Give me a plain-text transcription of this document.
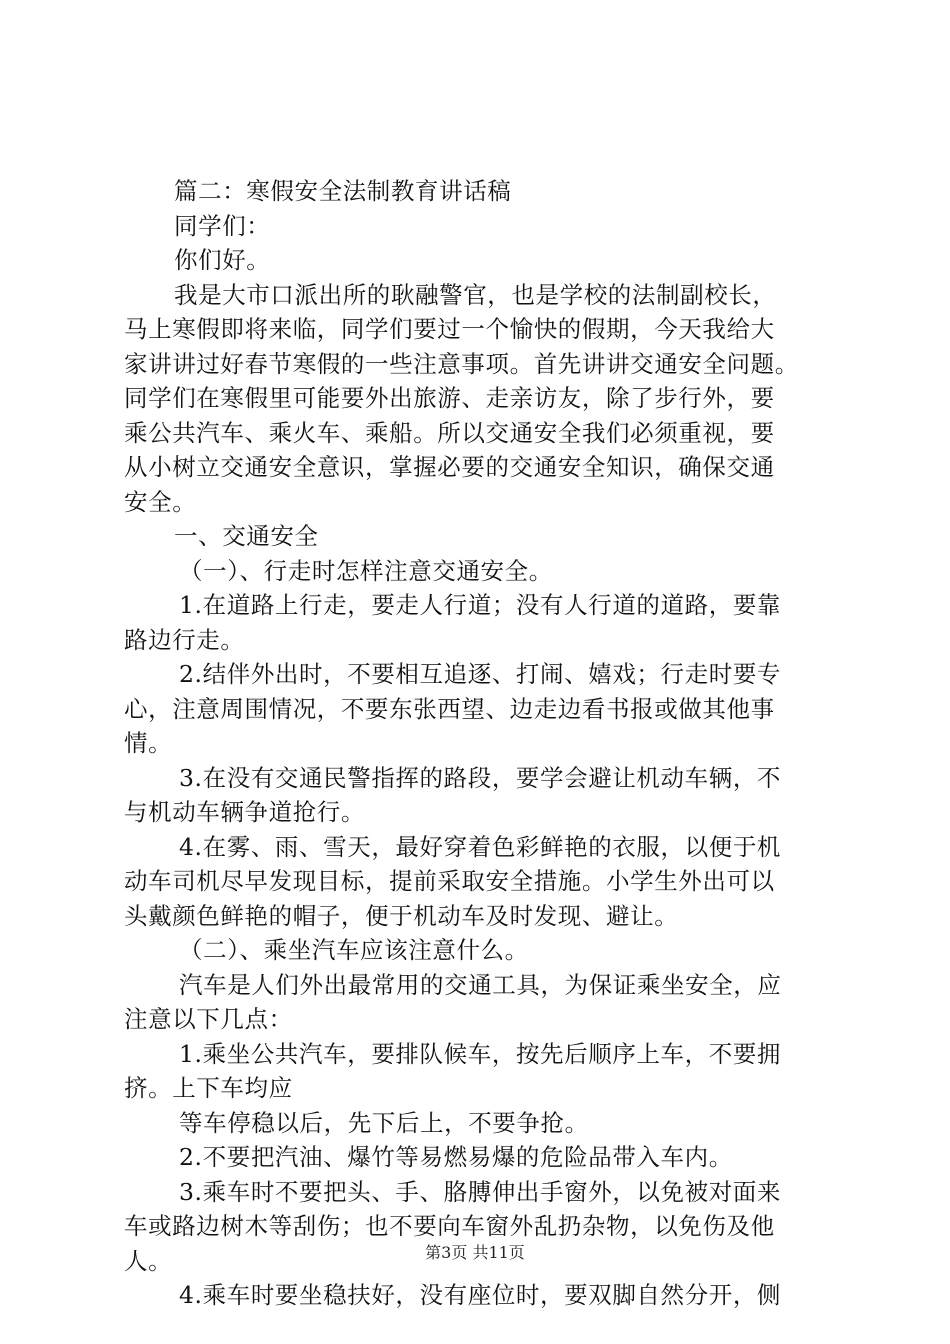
篇二：寒假安全法制教育讲话稿

同学们：

你们好。

我是大市口派出所的耿融警官，也是学校的法制副校长，

马上寒假即将来临，同学们要过一个愉快的假期，今天我给大

家讲讲过好春节寒假的一些注意事项。首先讲讲交通安全问题。

同学们在寒假里可能要外出旅游、走亲访友，除了步行外，要

乘公共汽车、乘火车、乘船。所以交通安全我们必须重视，要

从小树立交通安全意识，掌握必要的交通安全知识，确保交通

安全。

一、交通安全

（一）、行走时怎样注意交通安全。

1.在道路上行走，要走人行道；没有人行道的道路，要靠

路边行走。

2.结伴外出时，不要相互追逐、打闹、嬉戏；行走时要专

心，注意周围情况，不要东张西望、边走边看书报或做其他事

情。

3.在没有交通民警指挥的路段，要学会避让机动车辆，不

与机动车辆争道抢行。

4.在雾、雨、雪天，最好穿着色彩鲜艳的衣服，以便于机

动车司机尽早发现目标，提前采取安全措施。小学生外出可以

头戴颜色鲜艳的帽子，便于机动车及时发现、避让。

（二）、乘坐汽车应该注意什么。

汽车是人们外出最常用的交通工具，为保证乘坐安全，应

注意以下几点：

1.乘坐公共汽车，要排队候车，按先后顺序上车，不要拥

挤。上下车均应

等车停稳以后，先下后上，不要争抢。

2.不要把汽油、爆竹等易燃易爆的危险品带入车内。

3.乘车时不要把头、手、胳膊伸出手窗外，以免被对面来

车或路边树木等刮伤；也不要向车窗外乱扔杂物，以免伤及他

人。

4.乘车时要坐稳扶好，没有座位时，要双脚自然分开，侧

第3页 共11页
